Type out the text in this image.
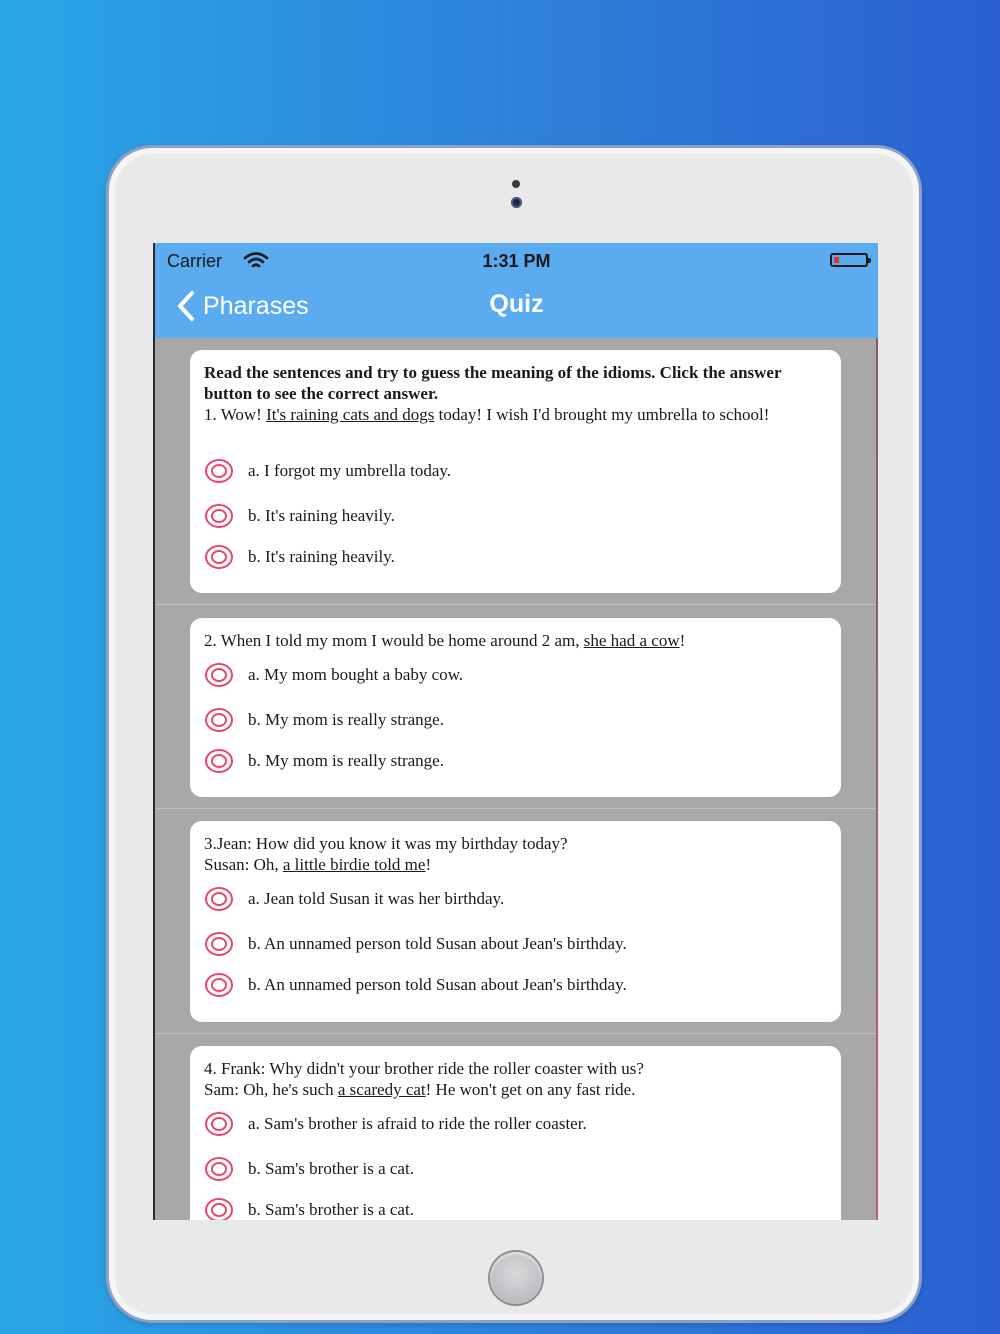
Carrier	1:31 PM
Pharases	Quiz
Read the sentences and try to guess the meaning of the idioms. Click the answer button to see the correct answer.
1. Wow! It's raining cats and dogs today! I wish I'd brought my umbrella to school!
a. I forgot my umbrella today.
b. It's raining heavily.
b. It's raining heavily.
2. When I told my mom I would be home around 2 am, she had a cow!
a. My mom bought a baby cow.
b. My mom is really strange.
b. My mom is really strange.
3.Jean: How did you know it was my birthday today?
Susan: Oh, a little birdie told me!
a. Jean told Susan it was her birthday.
b. An unnamed person told Susan about Jean's birthday.
b. An unnamed person told Susan about Jean's birthday.
4. Frank: Why didn't your brother ride the roller coaster with us?
Sam: Oh, he's such a scaredy cat! He won't get on any fast ride.
a. Sam's brother is afraid to ride the roller coaster.
b. Sam's brother is a cat.
b. Sam's brother is a cat.
